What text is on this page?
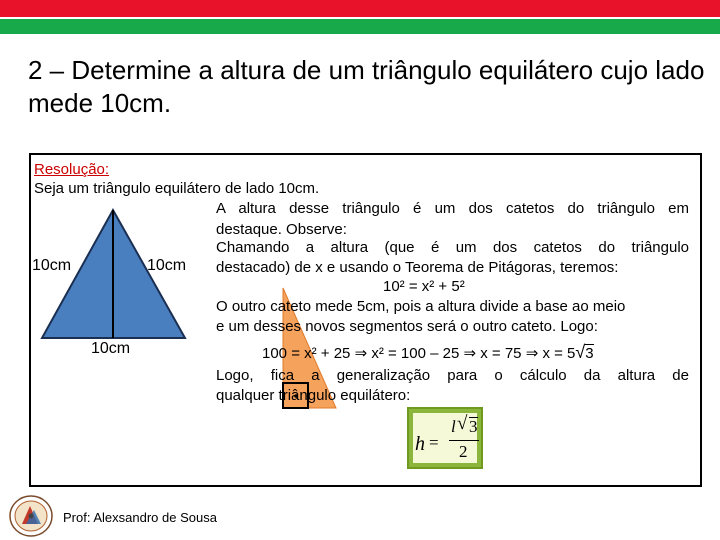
2 – Determine a altura de um triângulo equilátero cujo lado mede 10cm.
Resolução:
Seja um triângulo equilátero de lado 10cm.
10cm	10cm
10cm
A altura desse triângulo é um dos catetos do triângulo em
destaque. Observe:
Chamando a altura (que é um dos catetos do triângulo
destacado) de x e usando o Teorema de Pitágoras, teremos:
10² = x² + 5²
O outro cateto mede 5cm, pois a altura divide a base ao meio
e um desses novos segmentos será o outro cateto. Logo:
100 = x² + 25 ⇒ x² = 100 – 25 ⇒ x = 75 ⇒ x = 5√3
Logo, fica a generalização para o cálculo da altura de
qualquer triângulo equilátero:
h =
l √ 3
2
Prof: Alexsandro de Sousa
